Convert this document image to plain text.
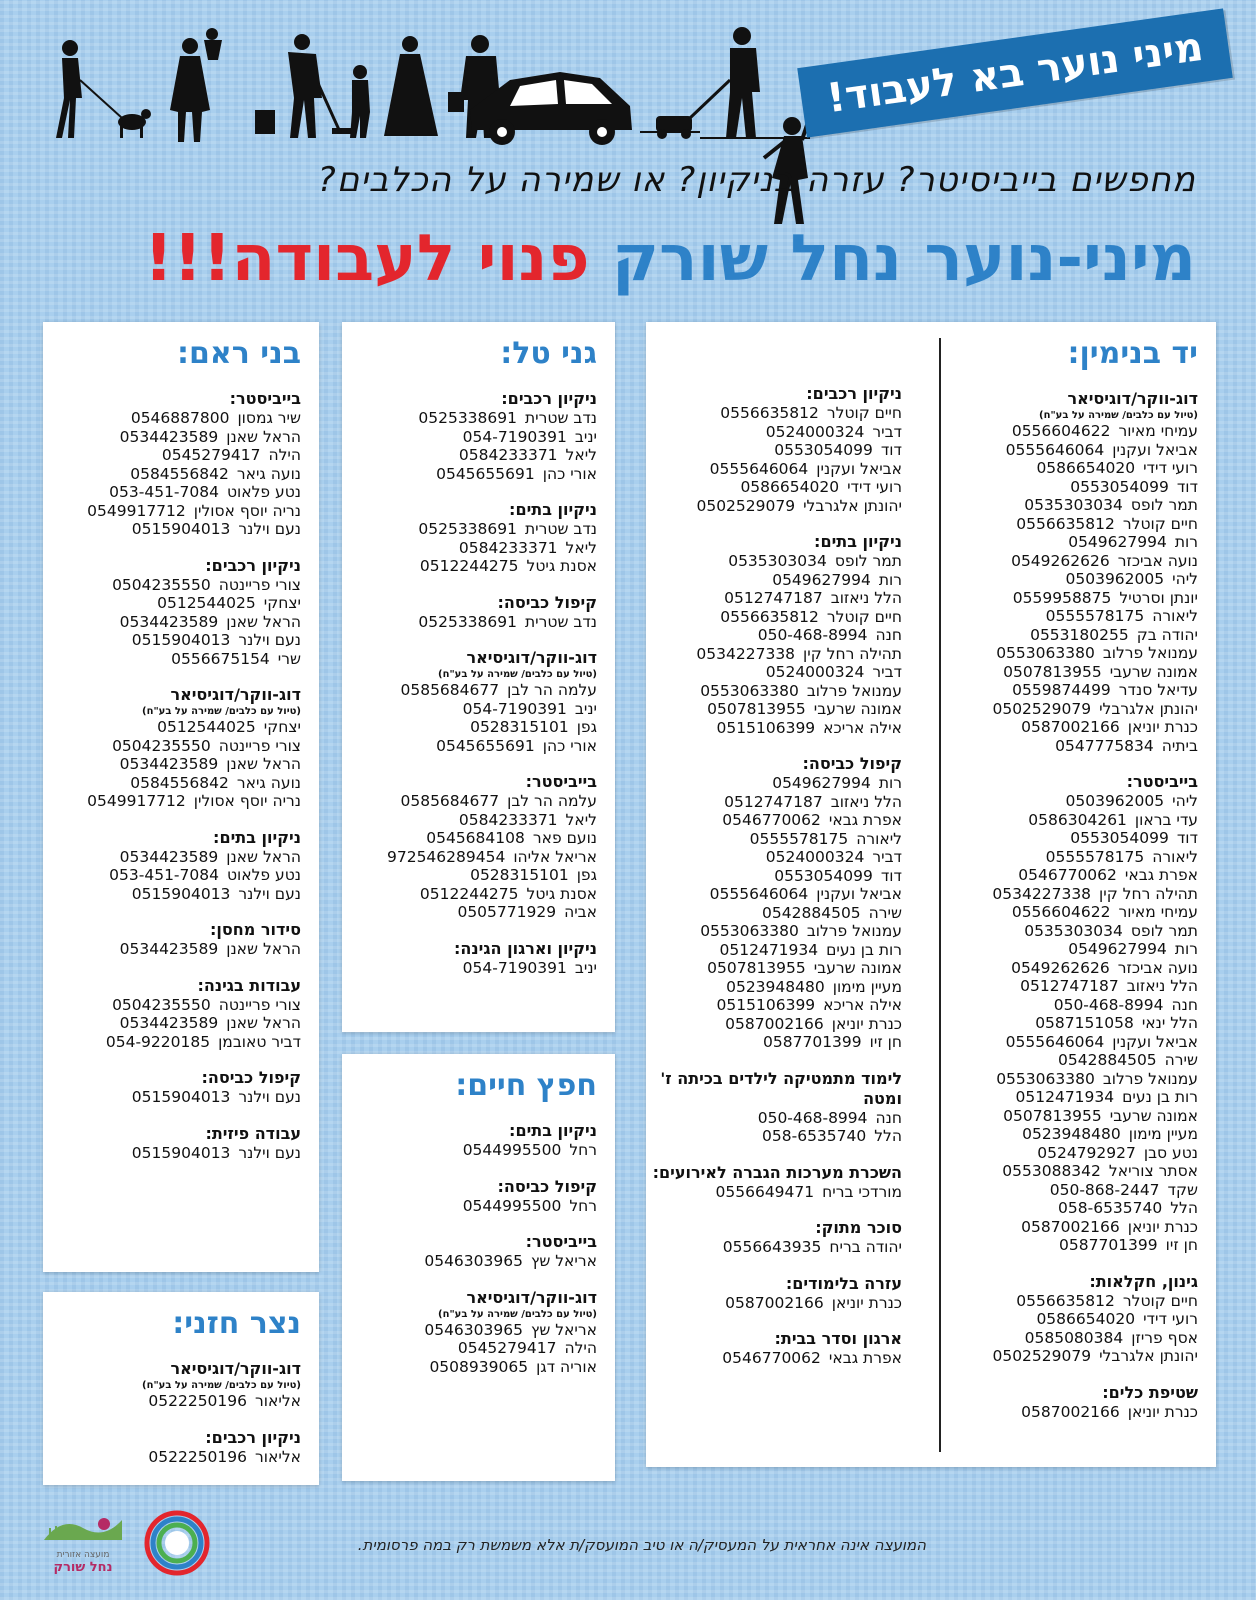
מיני נוער בא לעבוד!
מחפשים בייביסיטר? עזרה בניקיון? או שמירה על הכלבים?
מיני-נוער נחל שורק פנוי לעבודה!!!
יד בנימין:
דוג-ווקר/דוגיסיאר
(טיול עם כלבים/ שמירה על בע"ח)
עמיחי מאיור0556604622
אביאל ועקנין0555646064
רועי דידי0586654020
דוד0553054099
תמר לופס0535303034
חיים קוטלר0556635812
רות0549627994
נועה אביכזר0549262626
ליהי0503962005
יונתן וסרטיל0559958875
ליאורה0555578175
יהודה בק0553180255
עמנואל פרלוב0553063380
אמונה שרעבי0507813955
עדיאל סנדר0559874499
יהונתן אלגרבלי0502529079
כנרת יוניאן0587002166
ביתיה0547775834
בייביסטר:
ליהי0503962005
עדי בראון0586304261
דוד0553054099
ליאורה0555578175
אפרת גבאי0546770062
תהילה רחל קין0534227338
עמיחי מאיור0556604622
תמר לופס0535303034
רות0549627994
נועה אביכזר0549262626
הלל ניאזוב0512747187
חנה050-468-8994
הלל ינאי0587151058
אביאל ועקנין0555646064
שירה0542884505
עמנואל פרלוב0553063380
רות בן נעים0512471934
אמונה שרעבי0507813955
מעיין מימון0523948480
נטע סבן0524792927
אסתר צוריאל0553088342
שקד050-868-2447
הלל058-6535740
כנרת יוניאן0587002166
חן זיו0587701399
גינון, חקלאות:
חיים קוטלר0556635812
רועי דידי0586654020
אסף פריזן0585080384
יהונתן אלגרבלי0502529079
שטיפת כלים:
כנרת יוניאן0587002166
ניקיון רכבים:
חיים קוטלר0556635812
דביר0524000324
דוד0553054099
אביאל ועקנין0555646064
רועי דידי0586654020
יהונתן אלגרבלי0502529079
ניקיון בתים:
תמר לופס0535303034
רות0549627994
הלל ניאזוב0512747187
חיים קוטלר0556635812
חנה050-468-8994
תהילה רחל קין0534227338
דביר0524000324
עמנואל פרלוב0553063380
אמונה שרעבי0507813955
אילה אריכא0515106399
קיפול כביסה:
רות0549627994
הלל ניאזוב0512747187
אפרת גבאי0546770062
ליאורה0555578175
דביר0524000324
דוד0553054099
אביאל ועקנין0555646064
שירה0542884505
עמנואל פרלוב0553063380
רות בן נעים0512471934
אמונה שרעבי0507813955
מעיין מימון0523948480
אילה אריכא0515106399
כנרת יוניאן0587002166
חן זיו0587701399
לימוד מתמטיקה לילדים בכיתה ז' ומטה
חנה050-468-8994
הלל058-6535740
השכרת מערכות הגברה לאירועים:
מורדכי בריח0556649471
סוכר מתוק:
יהודה בריח0556643935
עזרה בלימודים:
כנרת יוניאן0587002166
ארגון וסדר בבית:
אפרת גבאי0546770062
גני טל:
ניקיון רכבים:
נדב שטרית0525338691
יניב054-7190391
ליאל0584233371
אורי כהן0545655691
ניקיון בתים:
נדב שטרית0525338691
ליאל0584233371
אסנת גיטל0512244275
קיפול כביסה:
נדב שטרית0525338691
דוג-ווקר/דוגיסיאר
(טיול עם כלבים/ שמירה על בע"ח)
עלמה הר לבן0585684677
יניב054-7190391
גפן0528315101
אורי כהן0545655691
בייביסטר:
עלמה הר לבן0585684677
ליאל0584233371
נועם פאר0545684108
אריאל אליהו972546289454
גפן0528315101
אסנת גיטל0512244275
אביה0505771929
ניקיון וארגון הגינה:
יניב054-7190391
חפץ חיים:
ניקיון בתים:
רחל0544995500
קיפול כביסה:
רחל0544995500
בייביסטר:
אריאל שץ0546303965
דוג-ווקר/דוגיסיאר
(טיול עם כלבים/ שמירה על בע"ח)
אריאל שץ0546303965
הילה0545279417
אוריה דגן0508939065
בני ראם:
בייביסטר:
שיר גמסון0546887800
הראל שאנן0534423589
הילה0545279417
נועה גיאר0584556842
נטע פלאוט053-451-7084
נריה יוסף אסולין0549917712
נעם וילנר0515904013
ניקיון רכבים:
צורי פריינטה0504235550
יצחקי0512544025
הראל שאנן0534423589
נעם וילנר0515904013
שרי0556675154
דוג-ווקר/דוגיסיאר
(טיול עם כלבים/ שמירה על בע"ח)
יצחקי0512544025
צורי פריינטה0504235550
הראל שאנן0534423589
נועה גיאר0584556842
נריה יוסף אסולין0549917712
ניקיון בתים:
הראל שאנן0534423589
נטע פלאוט053-451-7084
נעם וילנר0515904013
סידור מחסן:
הראל שאנן0534423589
עבודות בגינה:
צורי פריינטה0504235550
הראל שאנן0534423589
דביר טאובמן054-9220185
קיפול כביסה:
נעם וילנר0515904013
עבודה פיזית:
נעם וילנר0515904013
נצר חזני:
דוג-ווקר/דוגיסיאר
(טיול עם כלבים/ שמירה על בע"ח)
אליאור0522250196
ניקיון רכבים:
אליאור0522250196
המועצה אינה אחראית על המעסיק/ה או טיב המועסק/ת אלא משמשת רק במה פרסומית.
מועצה אזורית
נחל שורק
